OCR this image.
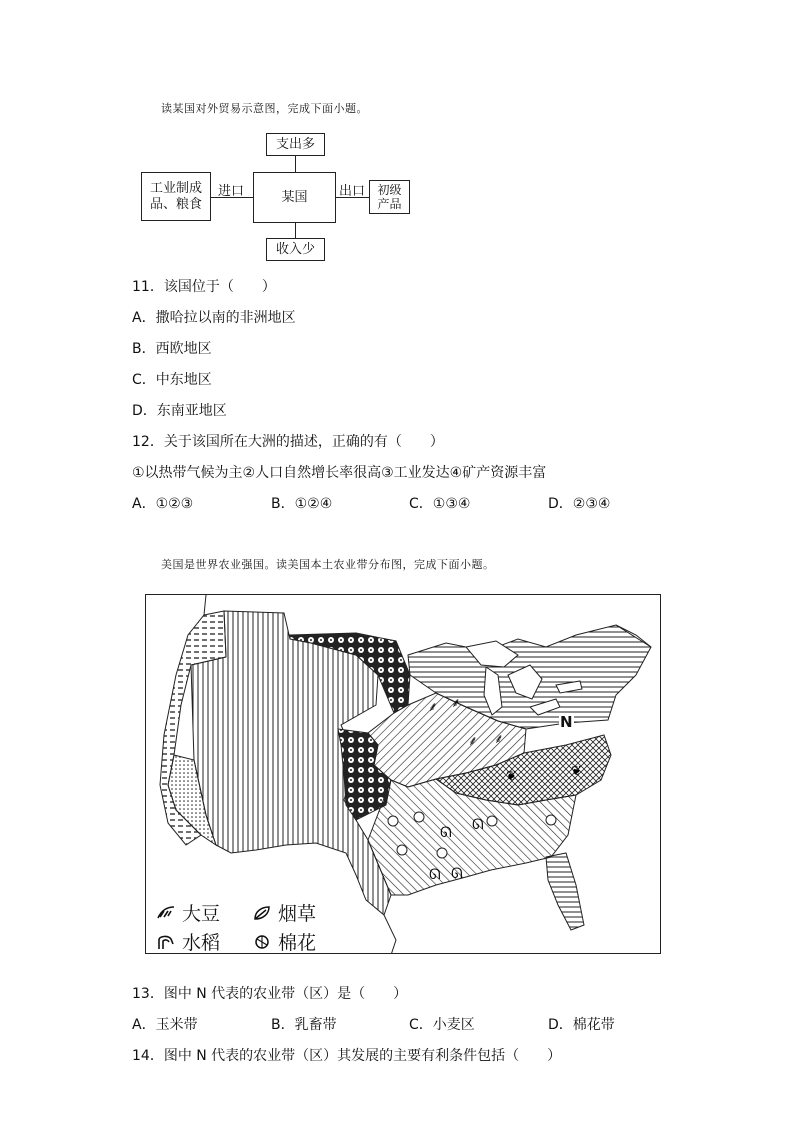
读某国对外贸易示意图，完成下面小题。
支出多
某国
收入少
工业制成
品、粮食
进口	出口 初级
产品
11．该国位于（　　）
A．撒哈拉以南的非洲地区
B．西欧地区
C．中东地区
D．东南亚地区
12．关于该国所在大洲的描述，正确的有（　　）
①以热带气候为主②人口自然增长率很高③工业发达④矿产资源丰富
A．①②③	B．①②④	C．①③④	D．②③④
美国是世界农业强国。读美国本土农业带分布图，完成下面小题。
⸙ ⸙
⸙ ⸙
❦	❦
ᘏ ᘏ
ᘏ ᘏ
N
大豆	烟草
水稻	棉花
13．图中 N 代表的农业带（区）是（　　）
A．玉米带	B．乳畜带	C．小麦区	D．棉花带
14．图中 N 代表的农业带（区）其发展的主要有利条件包括（　　）
